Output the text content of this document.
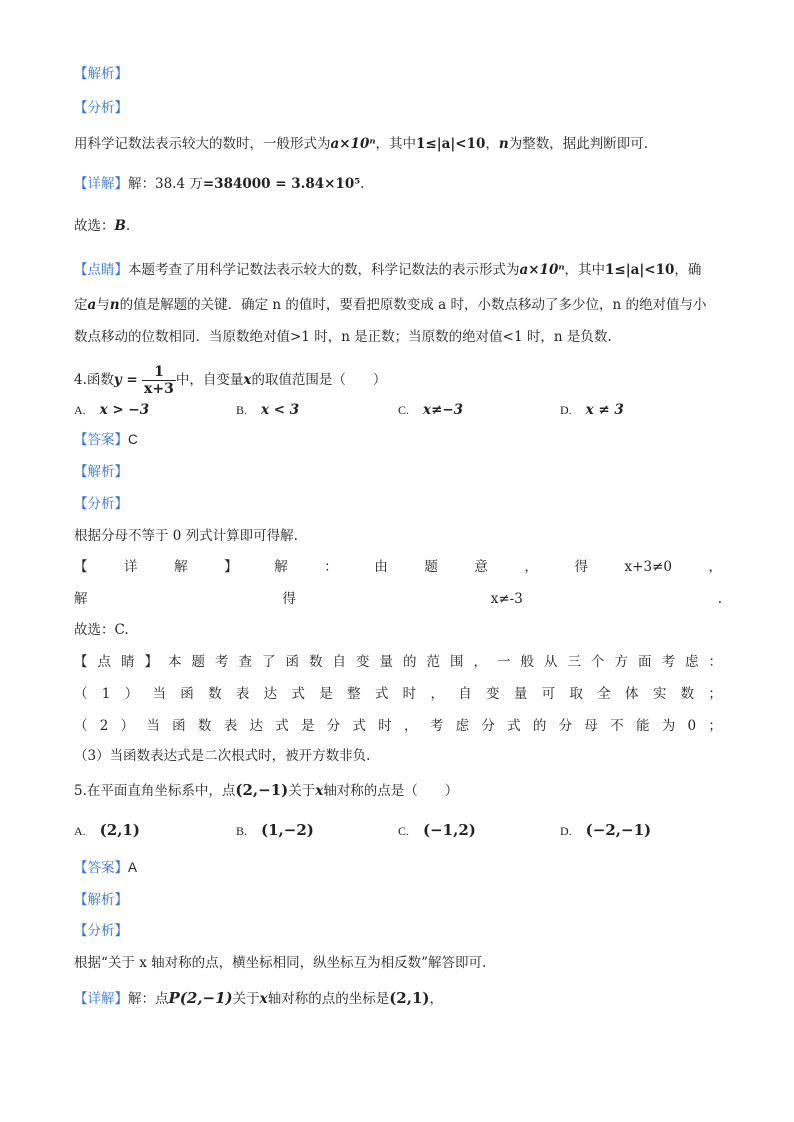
【解析】
【分析】
用科学记数法表示较大的数时，一般形式为a×10ⁿ，其中1≤|a|<10，n为整数，据此判断即可.
【详解】解：38.4 万=384000 = 3.84×10⁵.
故选：B.
【点睛】本题考查了用科学记数法表示较大的数，科学记数法的表示形式为a×10ⁿ，其中1≤|a|<10，确
定a与n的值是解题的关键．确定 n 的值时，要看把原数变成 a 时，小数点移动了多少位，n 的绝对值与小
数点移动的位数相同．当原数绝对值>1 时，n 是正数；当原数的绝对值<1 时，n 是负数.
4.函数$y = \frac{1}{x+3}$ 中，自变量x的取值范围是（　　）
A. x > −3	B. x < 3	C. x≠−3	D. x ≠ 3
【答案】C
【解析】
【分析】
根据分母不等于 0 列式计算即可得解.
【	详	解	】	解	：	由	题	意	，	得	x+3≠0	，
解	得	x≠-3	.
故选：C.
【 点 睛 】 本 题 考 查 了 函 数 自 变 量 的 范 围 ， 一 般 从 三 个 方 面 考 虑 ：
（ 1 ） 当 函 数 表 达 式 是 整 式 时 ， 自 变 量 可 取 全 体 实 数 ；
（ 2 ） 当 函 数 表 达 式 是 分 式 时 ， 考 虑 分 式 的 分 母 不 能 为 0 ；
（3）当函数表达式是二次根式时，被开方数非负.
5.在平面直角坐标系中，点(2,−1)关于x轴对称的点是（　　）
A. (2,1)	B. (1,−2)	C. (−1,2)	D. (−2,−1)
【答案】A
【解析】
【分析】
根据“关于 x 轴对称的点，横坐标相同，纵坐标互为相反数”解答即可.
【详解】解：点P(2,−1)关于x轴对称的点的坐标是(2,1)，
